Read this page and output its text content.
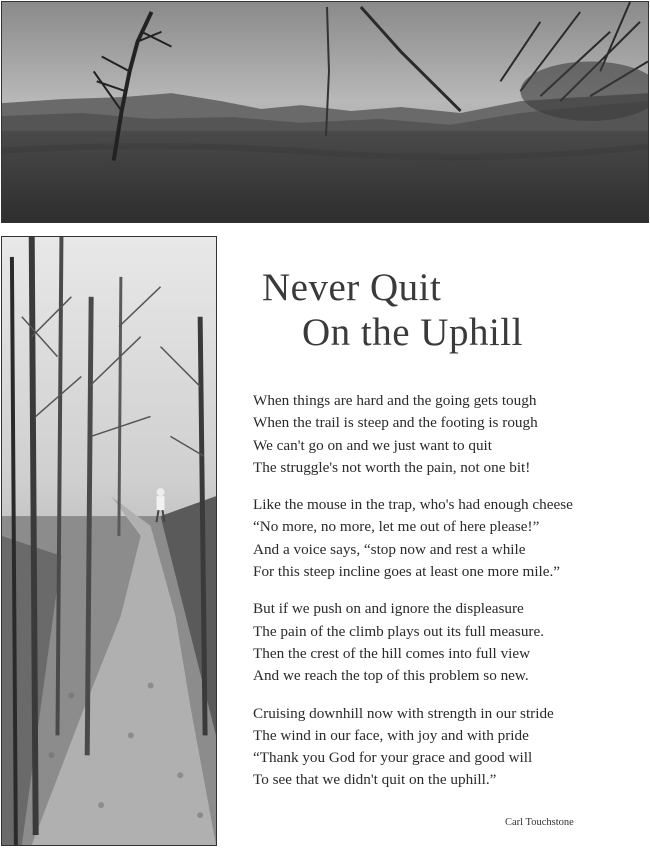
Never Quit
On the Uphill

When things are hard and the going gets tough
When the trail is steep and the footing is rough
We can't go on and we just want to quit
The struggle's not worth the pain, not one bit!

Like the mouse in the trap, who's had enough cheese
“No more, no more, let me out of here please!”
And a voice says, “stop now and rest a while
For this steep incline goes at least one more mile.”

But if we push on and ignore the displeasure
The pain of the climb plays out its full measure.
Then the crest of the hill comes into full view
And we reach the top of this problem so new.

Cruising downhill now with strength in our stride
The wind in our face, with joy and with pride
“Thank you God for your grace and good will
To see that we didn't quit on the uphill.”

Carl Touchstone
